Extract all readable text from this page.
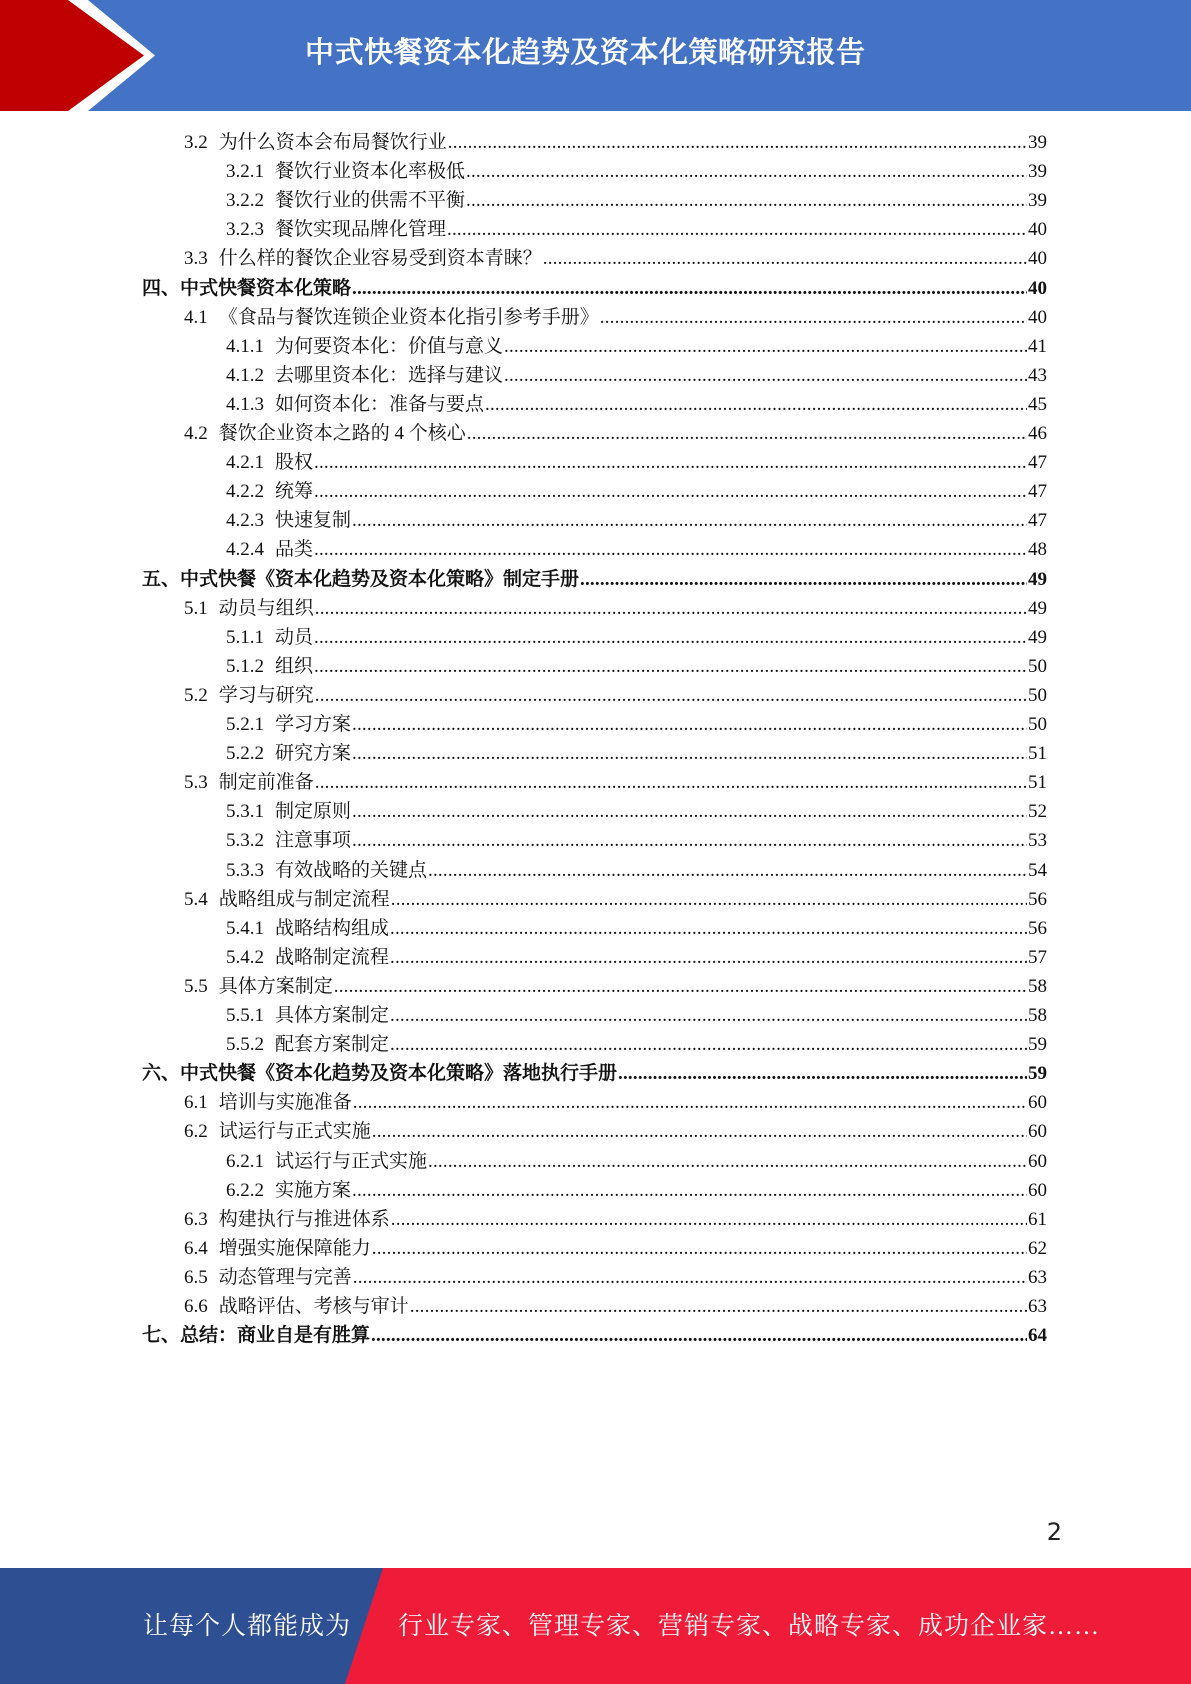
中式快餐资本化趋势及资本化策略研究报告
3.2 为什么资本会布局餐饮行业 .....	39
3.2.1 餐饮行业资本化率极低 .....	39
3.2.2 餐饮行业的供需不平衡 .....	39
3.2.3 餐饮实现品牌化管理 .....	40
3.3 什么样的餐饮企业容易受到资本青睐？ .....	40
四、中式快餐资本化策略 .....	40
4.1 《食品与餐饮连锁企业资本化指引参考手册》 .....	40
4.1.1 为何要资本化：价值与意义 .....	41
4.1.2 去哪里资本化：选择与建议 .....	43
4.1.3 如何资本化：准备与要点 .....	45
4.2 餐饮企业资本之路的 4 个核心 .....	46
4.2.1 股权 .....	47
4.2.2 统筹 .....	47
4.2.3 快速复制 .....	47
4.2.4 品类 .....	48
五、中式快餐《资本化趋势及资本化策略》制定手册 .....	49
5.1 动员与组织 .....	49
5.1.1 动员 .....	49
5.1.2 组织 .....	50
5.2 学习与研究 .....	50
5.2.1 学习方案 .....	50
5.2.2 研究方案 .....	51
5.3 制定前准备 .....	51
5.3.1 制定原则 .....	52
5.3.2 注意事项 .....	53
5.3.3 有效战略的关键点 .....	54
5.4 战略组成与制定流程 .....	56
5.4.1 战略结构组成 .....	56
5.4.2 战略制定流程 .....	57
5.5 具体方案制定 .....	58
5.5.1 具体方案制定 .....	58
5.5.2 配套方案制定 .....	59
六、中式快餐《资本化趋势及资本化策略》落地执行手册 .....	59
6.1 培训与实施准备 .....	60
6.2 试运行与正式实施 .....	60
6.2.1 试运行与正式实施 .....	60
6.2.2 实施方案 .....	60
6.3 构建执行与推进体系 .....	61
6.4 增强实施保障能力 .....	62
6.5 动态管理与完善 .....	63
6.6 战略评估、考核与审计 .....	63
七、总结：商业自是有胜算 .....	64
2
让每个人都能成为 行业专家、管理专家、营销专家、战略专家、成功企业家……
